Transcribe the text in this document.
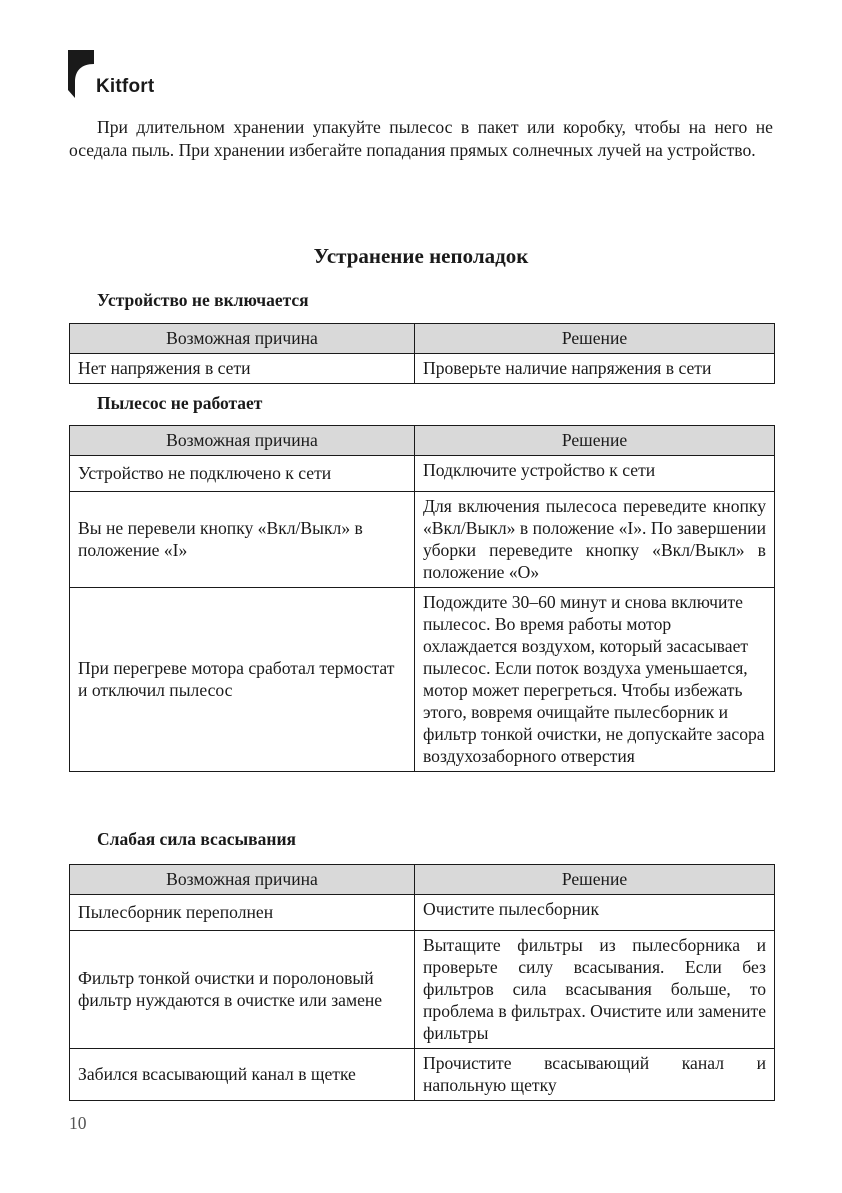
Kitfort

При длительном хранении упакуйте пылесос в пакет или коробку, чтобы на него не оседала пыль. При хранении избегайте попадания прямых солнечных лучей на устройство.

Устранение неполадок
Устройство не включается
Возможная причина	Решение
Нет напряжения в сети	Проверьте наличие напряжения в сети
Пылесос не работает
Возможная причина	Решение
Устройство не подключено к сети	Подключите устройство к сети
Вы не перевели кнопку «Вкл/Выкл» в положение «I»	Для включения пылесоса переведите кнопку «Вкл/Выкл» в положение «I». По завершении уборки переведите кнопку «Вкл/Выкл» в положение «O»
При перегреве мотора сработал термостат и отключил пылесос	Подождите 30–60 минут и снова включите пылесос. Во время работы мотор охлаждается воздухом, который засасывает пылесос. Если поток воздуха уменьшается, мотор может перегреться. Чтобы избежать этого, вовремя очищайте пылесборник и фильтр тонкой очистки, не допускайте засора воздухозаборного отверстия
Слабая сила всасывания
Возможная причина	Решение
Пылесборник переполнен	Очистите пылесборник
Фильтр тонкой очистки и поролоновый фильтр нуждаются в очистке или замене	Вытащите фильтры из пылесборника и проверьте силу всасывания. Если без фильтров сила всасывания больше, то проблема в фильтрах. Очистите или замените фильтры
Забился всасывающий канал в щетке	Прочистите всасывающий канал и напольную щетку
10
